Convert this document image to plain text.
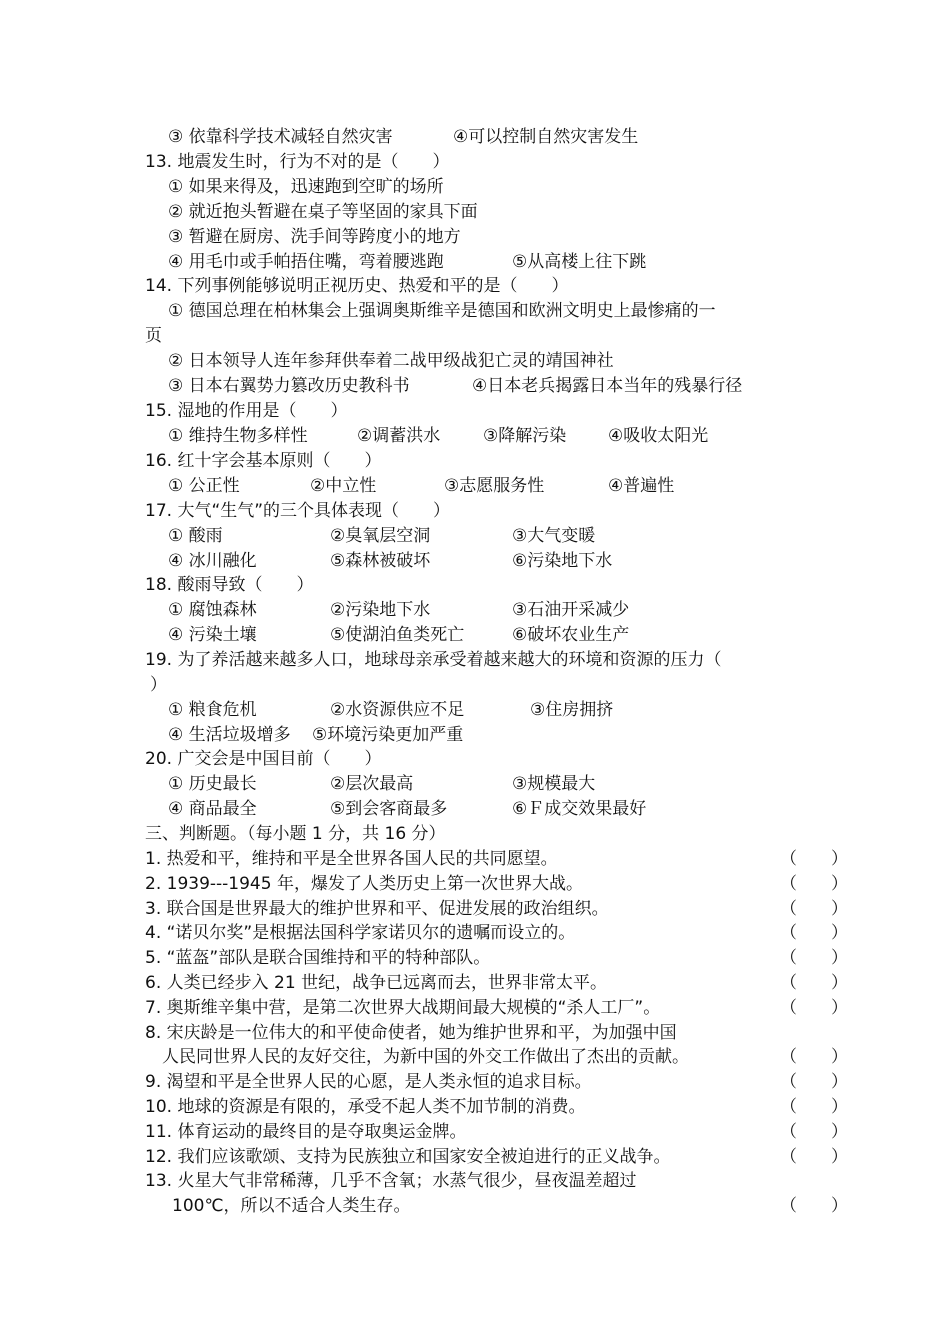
③ 依靠科学技术减轻自然灾害	④可以控制自然灾害发生
13. 地震发生时，行为不对的是（　　）
① 如果来得及，迅速跑到空旷的场所
② 就近抱头暂避在桌子等坚固的家具下面
③ 暂避在厨房、洗手间等跨度小的地方
④ 用毛巾或手帕捂住嘴，弯着腰逃跑	⑤从高楼上往下跳
14. 下列事例能够说明正视历史、热爱和平的是（　　）
① 德国总理在柏林集会上强调奥斯维辛是德国和欧洲文明史上最惨痛的一
页
② 日本领导人连年参拜供奉着二战甲级战犯亡灵的靖国神社
③ 日本右翼势力篡改历史教科书	④日本老兵揭露日本当年的残暴行径
15. 湿地的作用是（　　）
① 维持生物多样性	②调蓄洪水	③降解污染 ④吸收太阳光
16. 红十字会基本原则（　　）
① 公正性	②中立性	③志愿服务性	④普遍性
17. 大气“生气”的三个具体表现（　　）
① 酸雨	②臭氧层空洞	③大气变暖
④ 冰川融化	⑤森林被破坏	⑥污染地下水
18. 酸雨导致（　　）
① 腐蚀森林	②污染地下水	③石油开采减少
④ 污染土壤	⑤使湖泊鱼类死亡	⑥破坏农业生产
19. 为了养活越来越多人口，地球母亲承受着越来越大的环境和资源的压力（
）
① 粮食危机	②水资源供应不足	③住房拥挤
④ 生活垃圾增多 ⑤环境污染更加严重
20. 广交会是中国目前（　　）
① 历史最长	②层次最高	③规模最大
④ 商品最全	⑤到会客商最多	⑥Ｆ成交效果最好
三、判断题。（每小题 1 分，共 16 分）
1. 热爱和平，维持和平是全世界各国人民的共同愿望。	（　　）
2. 1939---1945 年，爆发了人类历史上第一次世界大战。	（　　）
3. 联合国是世界最大的维护世界和平、促进发展的政治组织。	（　　）
4. “诺贝尔奖”是根据法国科学家诺贝尔的遗嘱而设立的。	（　　）
5. “蓝盔”部队是联合国维持和平的特种部队。	（　　）
6. 人类已经步入 21 世纪，战争已远离而去，世界非常太平。	（　　）
7. 奥斯维辛集中营，是第二次世界大战期间最大规模的“杀人工厂”。	（　　）
8. 宋庆龄是一位伟大的和平使命使者，她为维护世界和平，为加强中国
人民同世界人民的友好交往，为新中国的外交工作做出了杰出的贡献。	（　　）
9. 渴望和平是全世界人民的心愿，是人类永恒的追求目标。	（　　）
10. 地球的资源是有限的，承受不起人类不加节制的消费。	（　　）
11. 体育运动的最终目的是夺取奥运金牌。	（　　）
12. 我们应该歌颂、支持为民族独立和国家安全被迫进行的正义战争。	（　　）
13. 火星大气非常稀薄，几乎不含氧；水蒸气很少，昼夜温差超过
100℃，所以不适合人类生存。	（　　）
